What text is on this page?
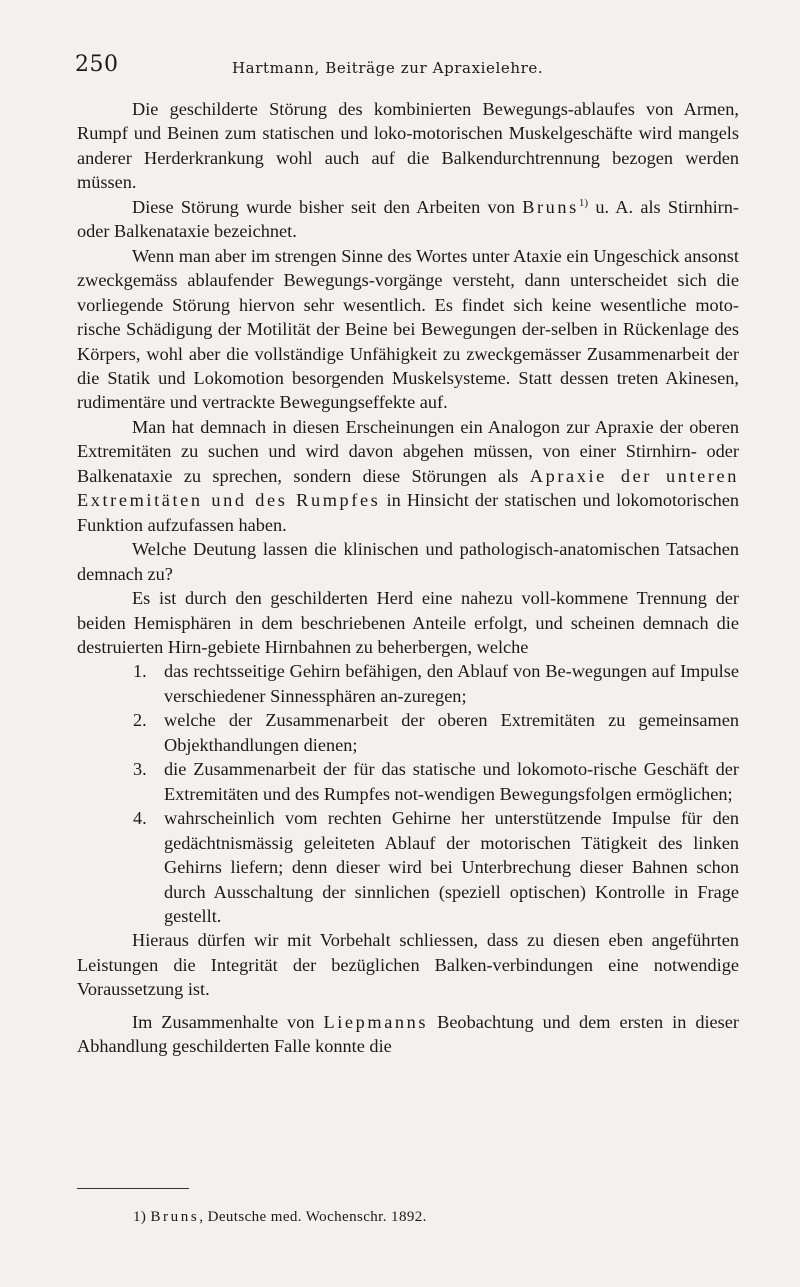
250	Hartmann, Beiträge zur Apraxielehre.

Die geschilderte Störung des kombinierten Bewegungs-ablaufes von Armen, Rumpf und Beinen zum statischen und loko-motorischen Muskelgeschäfte wird mangels anderer Herderkrankung wohl auch auf die Balkendurchtrennung bezogen werden müssen.

Diese Störung wurde bisher seit den Arbeiten von Bruns$^{1)}$ u. A. als Stirnhirn- oder Balkenataxie bezeichnet.

Wenn man aber im strengen Sinne des Wortes unter Ataxie ein Ungeschick ansonst zweckgemäss ablaufender Bewegungs-vorgänge versteht, dann unterscheidet sich die vorliegende Störung hiervon sehr wesentlich. Es findet sich keine wesentliche moto-rische Schädigung der Motilität der Beine bei Bewegungen der-selben in Rückenlage des Körpers, wohl aber die vollständige Unfähigkeit zu zweckgemässer Zusammenarbeit der die Statik und Lokomotion besorgenden Muskelsysteme. Statt dessen treten Akinesen, rudimentäre und vertrackte Bewegungseffekte auf.

Man hat demnach in diesen Erscheinungen ein Analogon zur Apraxie der oberen Extremitäten zu suchen und wird davon abgehen müssen, von einer Stirnhirn- oder Balkenataxie zu sprechen, sondern diese Störungen als Apraxie der unteren Extremitäten und des Rumpfes in Hinsicht der statischen und lokomotorischen Funktion aufzufassen haben.

Welche Deutung lassen die klinischen und pathologisch-anatomischen Tatsachen demnach zu?

Es ist durch den geschilderten Herd eine nahezu voll-kommene Trennung der beiden Hemisphären in dem beschriebenen Anteile erfolgt, und scheinen demnach die destruierten Hirn-gebiete Hirnbahnen zu beherbergen, welche

1. das rechtsseitige Gehirn befähigen, den Ablauf von Be-wegungen auf Impulse verschiedener Sinnessphären an-zuregen;
2. welche der Zusammenarbeit der oberen Extremitäten zu gemeinsamen Objekthandlungen dienen;
3. die Zusammenarbeit der für das statische und lokomoto-rische Geschäft der Extremitäten und des Rumpfes not-wendigen Bewegungsfolgen ermöglichen;
4. wahrscheinlich vom rechten Gehirne her unterstützende Impulse für den gedächtnismässig geleiteten Ablauf der motorischen Tätigkeit des linken Gehirns liefern; denn dieser wird bei Unterbrechung dieser Bahnen schon durch Ausschaltung der sinnlichen (speziell optischen) Kontrolle in Frage gestellt.

Hieraus dürfen wir mit Vorbehalt schliessen, dass zu diesen eben angeführten Leistungen die Integrität der bezüglichen Balken-verbindungen eine notwendige Voraussetzung ist.

Im Zusammenhalte von Liepmanns Beobachtung und dem ersten in dieser Abhandlung geschilderten Falle konnte die

1) Bruns, Deutsche med. Wochenschr. 1892.
